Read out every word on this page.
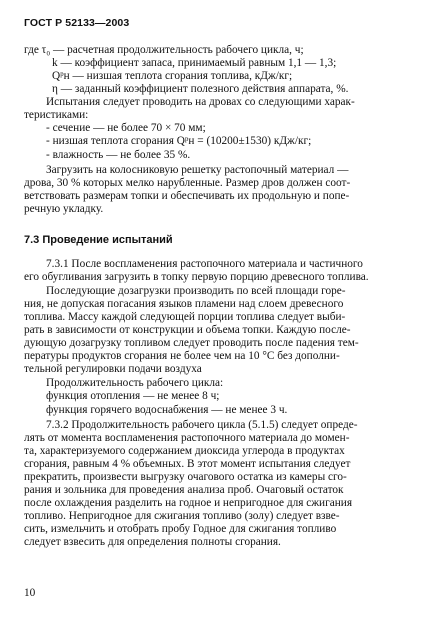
ГОСТ Р 52133—2003
где τ₀ — расчетная продолжительность рабочего цикла, ч;
k — коэффициент запаса, принимаемый равным 1,1 — 1,3;
Qᵖн — низшая теплота сгорания топлива, кДж/кг;
η — заданный коэффициент полезного действия аппарата, %.
Испытания следует проводить на дровах со следующими харак-
теристиками:
- сечение — не более 70 × 70 мм;
- низшая теплота сгорания Qᵖн = (10200±1530) кДж/кг;
- влажность — не более 35 %.
Загрузить на колосниковую решетку растопочный материал —
дрова, 30 % которых мелко нарубленные. Размер дров должен соот-
ветствовать размерам топки и обеспечивать их продольную и попе-
речную укладку.
7.3 Проведение испытаний
7.3.1 После воспламенения растопочного материала и частичного
его обугливания загрузить в топку первую порцию древесного топлива.
Последующие дозагрузки производить по всей площади горе-
ния, не допуская погасания языков пламени над слоем древесного
топлива. Массу каждой следующей порции топлива следует выби-
рать в зависимости от конструкции и объема топки. Каждую после-
дующую дозагрузку топливом следует проводить после падения тем-
пературы продуктов сгорания не более чем на 10 °С без дополни-
тельной регулировки подачи воздуха
Продолжительность рабочего цикла:
функция отопления — не менее 8 ч;
функция горячего водоснабжения — не менее 3 ч.
7.3.2 Продолжительность рабочего цикла (5.1.5) следует опреде-
лять от момента воспламенения растопочного материала до момен-
та, характеризуемого содержанием диоксида углерода в продуктах
сгорания, равным 4 % объемных. В этот момент испытания следует
прекратить, произвести выгрузку очагового остатка из камеры сго-
рания и зольника для проведения анализа проб. Очаговый остаток
после охлаждения разделить на годное и непригодное для сжигания
топливо. Непригодное для сжигания топливо (золу) следует взве-
сить, измельчить и отобрать пробу Годное для сжигания топливо
следует взвесить для определения полноты сгорания.
10
